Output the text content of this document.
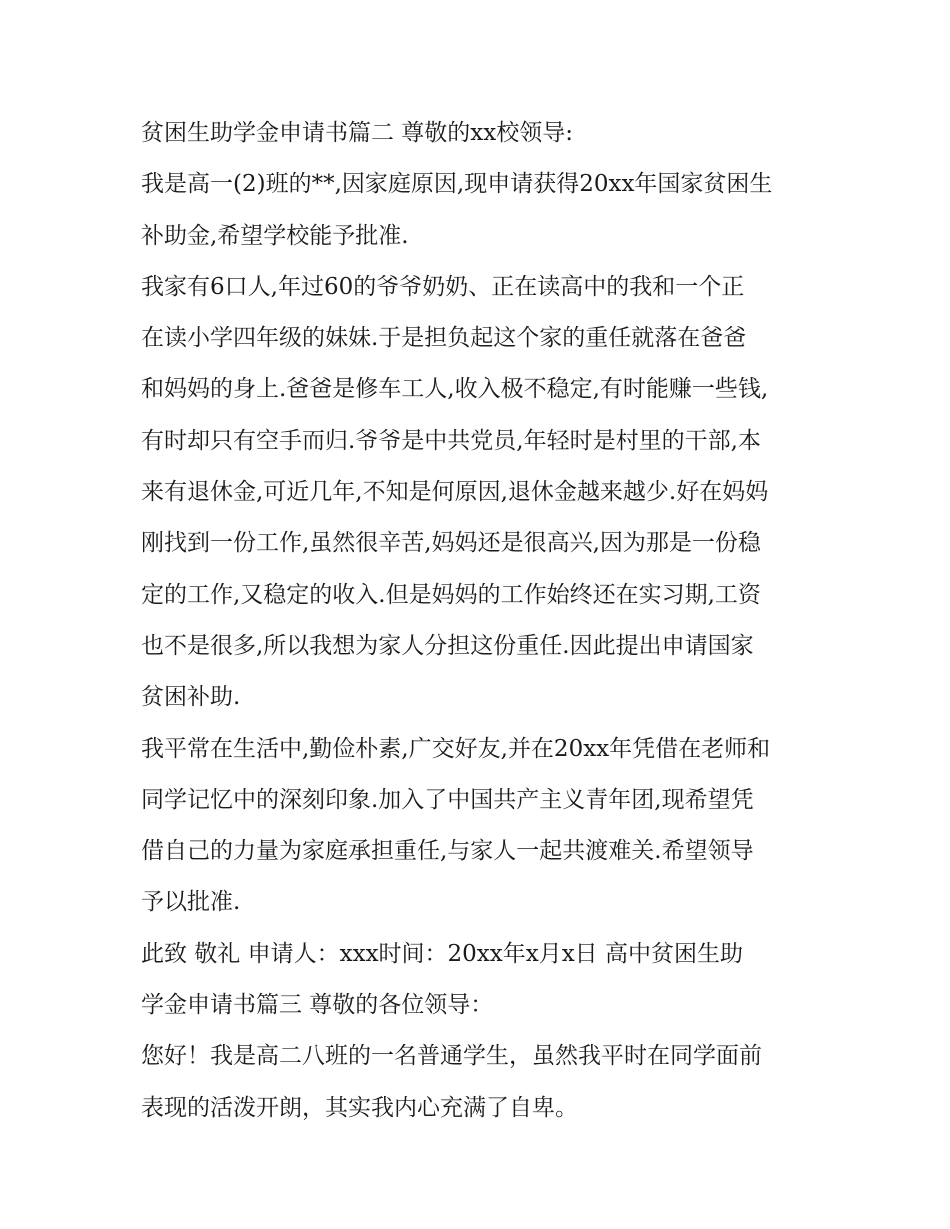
贫困生助学金申请书篇二 尊敬的xx校领导:

我是高一(2)班的**,因家庭原因,现申请获得20xx年国家贫困生
补助金,希望学校能予批准.

我家有6口人,年过60的爷爷奶奶、正在读高中的我和一个正
在读小学四年级的妹妹.于是担负起这个家的重任就落在爸爸
和妈妈的身上.爸爸是修车工人,收入极不稳定,有时能赚一些钱,
有时却只有空手而归.爷爷是中共党员,年轻时是村里的干部,本
来有退休金,可近几年,不知是何原因,退休金越来越少.好在妈妈
刚找到一份工作,虽然很辛苦,妈妈还是很高兴,因为那是一份稳
定的工作,又稳定的收入.但是妈妈的工作始终还在实习期,工资
也不是很多,所以我想为家人分担这份重任.因此提出申请国家
贫困补助.

我平常在生活中,勤俭朴素,广交好友,并在20xx年凭借在老师和
同学记忆中的深刻印象.加入了中国共产主义青年团,现希望凭
借自己的力量为家庭承担重任,与家人一起共渡难关.希望领导
予以批准.

此致 敬礼 申请人：xxx时间：20xx年x月x日 高中贫困生助
学金申请书篇三 尊敬的各位领导：

您好！我是高二八班的一名普通学生，虽然我平时在同学面前
表现的活泼开朗，其实我内心充满了自卑。
